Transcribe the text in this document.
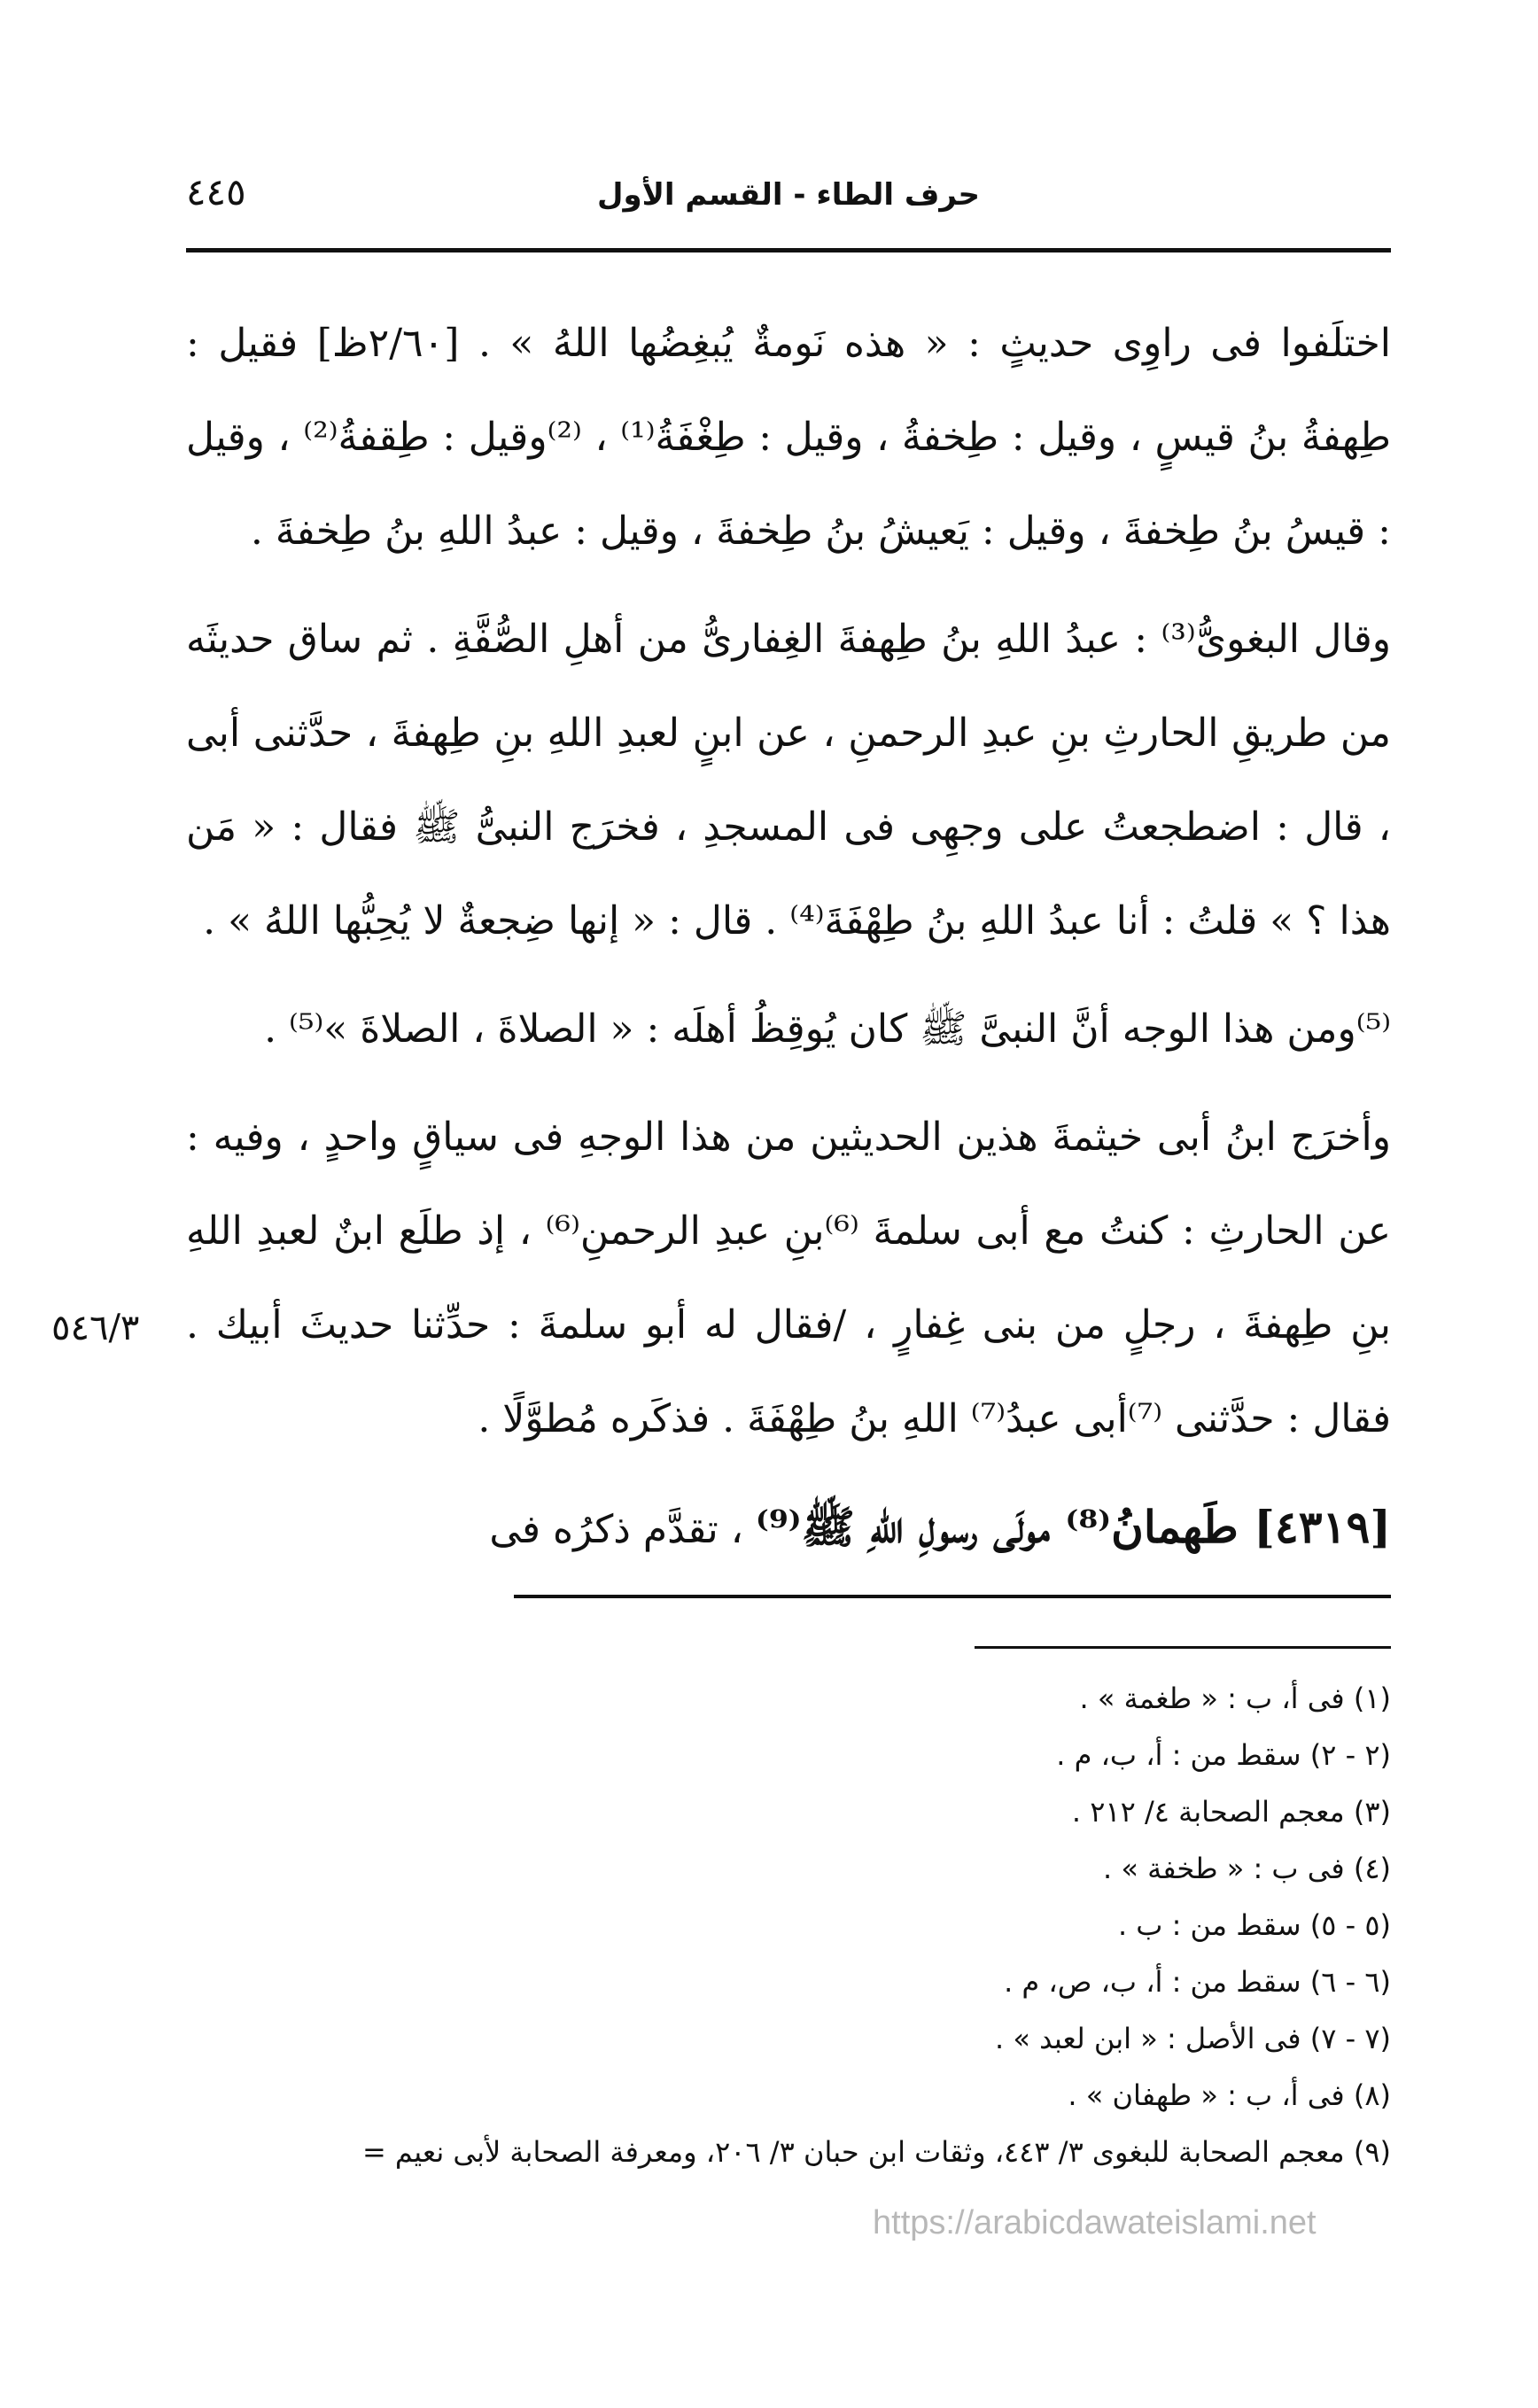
حرف الطاء - القسم الأول
٤٤٥

اختلَفوا فى راوِى حديثٍ : « هذه نَومةٌ يُبغِضُها اللهُ » . [٢/٦٠ظ] فقيل : طِهفةُ بنُ قيسٍ ، وقيل : طِخفةُ ، وقيل : طِغْفَةُ⁽¹⁾ ، ⁽²⁾وقيل : طِقفةُ⁽²⁾ ، وقيل : قيسُ بنُ طِخفةَ ، وقيل : يَعيشُ بنُ طِخفةَ ، وقيل : عبدُ اللهِ بنُ طِخفةَ .

وقال البغوىُّ⁽³⁾ : عبدُ اللهِ بنُ طِهفةَ الغِفارىُّ من أهلِ الصُّفَّةِ . ثم ساق حديثَه من طريقِ الحارثِ بنِ عبدِ الرحمنِ ، عن ابنٍ لعبدِ اللهِ بنِ طِهفةَ ، حدَّثنى أبى ، قال : اضطجعتُ على وجهِى فى المسجدِ ، فخرَج النبىُّ ﷺ فقال : « مَن هذا ؟ » قلتُ : أنا عبدُ اللهِ بنُ طِهْفَةَ⁽⁴⁾ . قال : « إنها ضِجعةٌ لا يُحِبُّها اللهُ » .

⁽⁵⁾ومن هذا الوجه أنَّ النبىَّ ﷺ كان يُوقِظُ أهلَه : « الصلاةَ ، الصلاةَ »⁽⁵⁾ .

وأخرَج ابنُ أبى خيثمةَ هذين الحديثين من هذا الوجهِ فى سياقٍ واحدٍ ، وفيه : عن الحارثِ : كنتُ مع أبى سلمةَ ⁽⁶⁾بنِ عبدِ الرحمنِ⁽⁶⁾ ، إذ طلَع ابنٌ لعبدِ اللهِ بنِ طِهفةَ ، رجلٍ من بنى غِفارٍ ، /فقال له أبو سلمةَ : حدِّثنا حديثَ أبيك . فقال : حدَّثنى ⁽⁷⁾أبى عبدُ⁽⁷⁾ اللهِ بنُ طِهْفَةَ . فذكَره مُطوَّلًا .

[٤٣١٩] طَهمانُ⁽⁸⁾ مولَى رسولِ اللهِ ﷺ⁽⁹⁾ ، تقدَّم ذكرُه فى

٥٤٦/٣
(١) فى أ، ب : « طغمة » .
(٢ - ٢) سقط من : أ، ب، م .
(٣) معجم الصحابة ٤/ ٢١٢ .
(٤) فى ب : « طخفة » .
(٥ - ٥) سقط من : ب .
(٦ - ٦) سقط من : أ، ب، ص، م .
(٧ - ٧) فى الأصل : « ابن لعبد » .
(٨) فى أ، ب : « طهفان » .
(٩) معجم الصحابة للبغوى ٣/ ٤٤٣، وثقات ابن حبان ٣/ ٢٠٦، ومعرفة الصحابة لأبى نعيم =
https://arabicdawateislami.net
